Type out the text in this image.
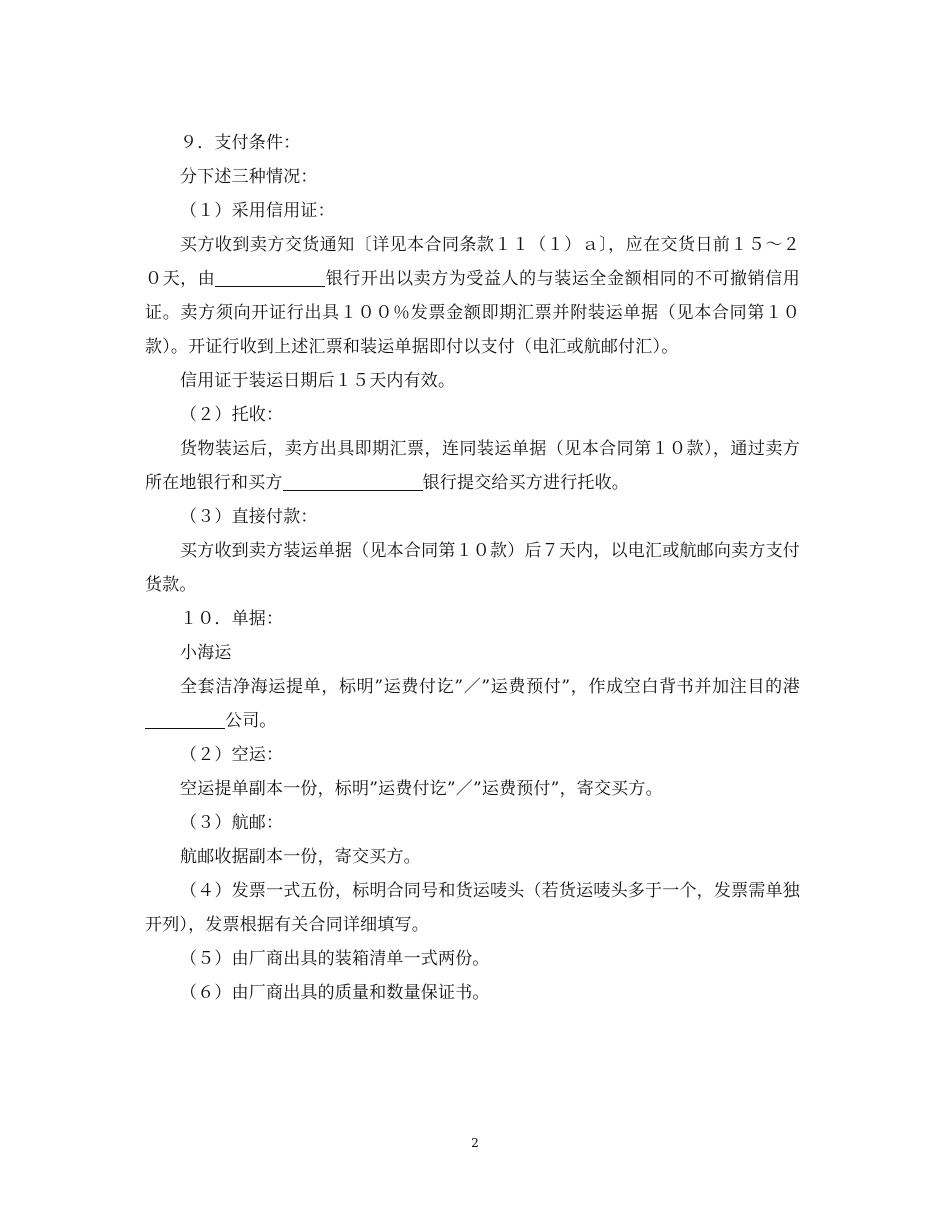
９．支付条件：

分下述三种情况：

（１）采用信用证：

买方收到卖方交货通知〔详见本合同条款１１（１）ａ〕，应在交货日前１５～２０天，由	银行开出以卖方为受益人的与装运全金额相同的不可撤销信用证。卖方须向开证行出具１００％发票金额即期汇票并附装运单据（见本合同第１０款）。开证行收到上述汇票和装运单据即付以支付（电汇或航邮付汇）。

信用证于装运日期后１５天内有效。

（２）托收：

货物装运后，卖方出具即期汇票，连同装运单据（见本合同第１０款），通过卖方所在地银行和买方	银行提交给买方进行托收。

（３）直接付款：

买方收到卖方装运单据（见本合同第１０款）后７天内，以电汇或航邮向卖方支付货款。

１０．单据：

小海运

全套洁净海运提单，标明”运费付讫”／”运费预付”，作成空白背书并加注目的港公司。

（２）空运：

空运提单副本一份，标明”运费付讫”／”运费预付”，寄交买方。

（３）航邮：

航邮收据副本一份，寄交买方。

（４）发票一式五份，标明合同号和货运唛头（若货运唛头多于一个，发票需单独开列），发票根据有关合同详细填写。

（５）由厂商出具的装箱清单一式两份。

（６）由厂商出具的质量和数量保证书。

2
